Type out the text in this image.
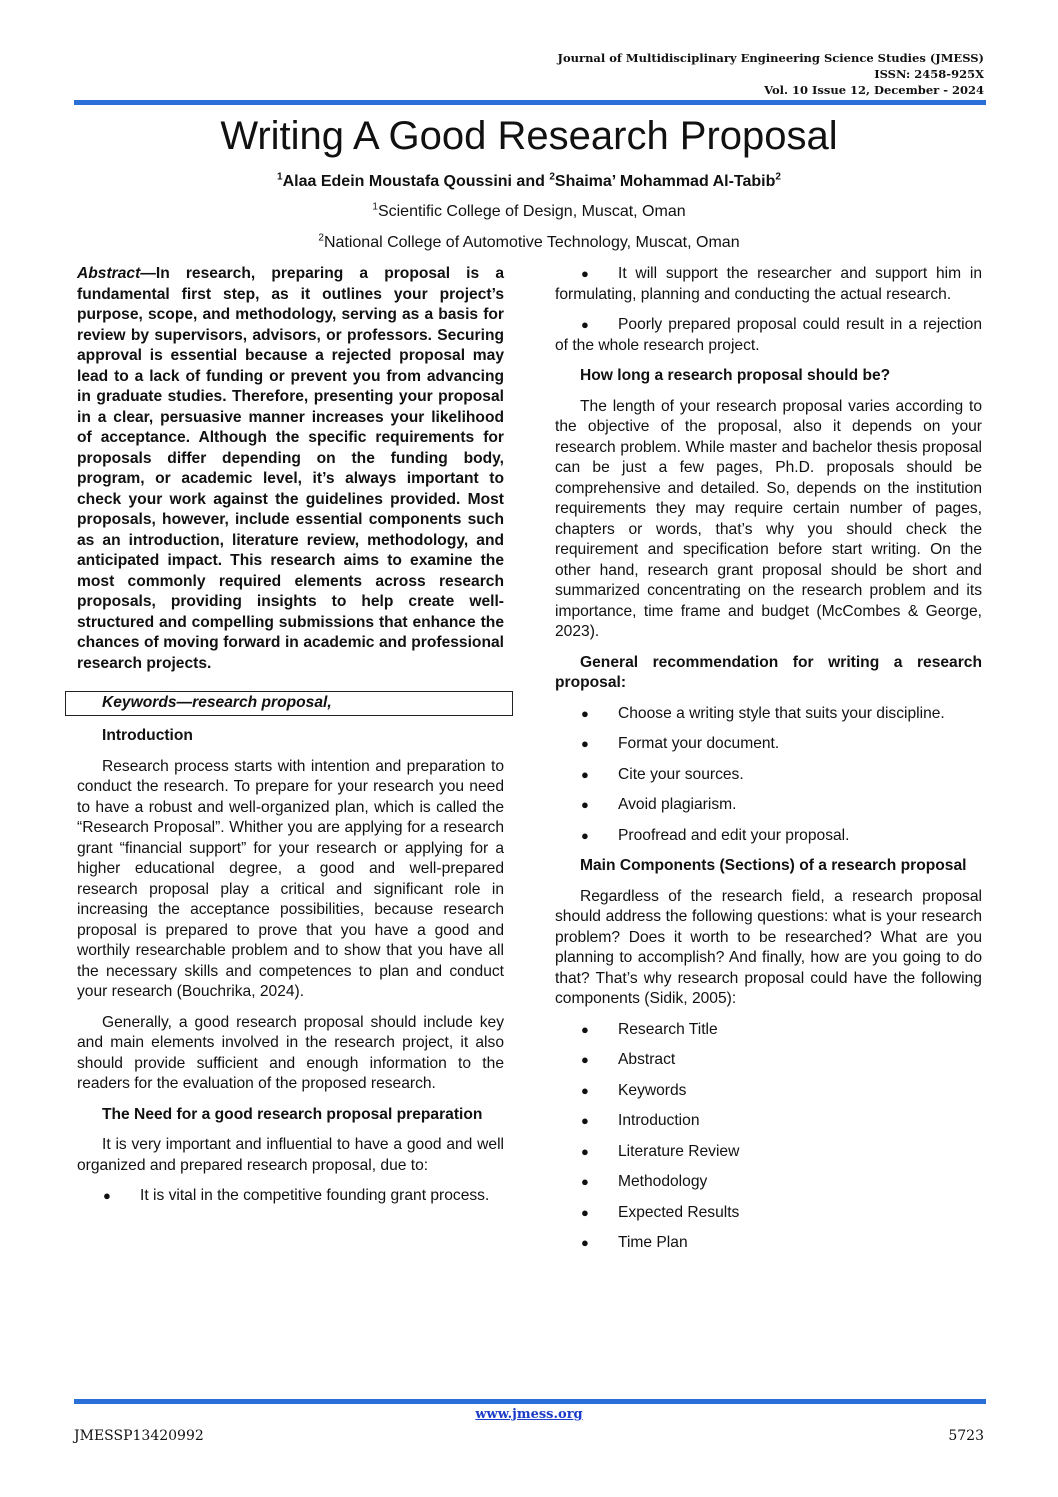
Journal of Multidisciplinary Engineering Science Studies (JMESS)
ISSN: 2458-925X
Vol. 10 Issue 12, December - 2024
Writing A Good Research Proposal
$^1$Alaa Edein Moustafa Qoussini and $^2$Shaima’ Mohammad Al-Tabib$^2$
$^1$Scientific College of Design, Muscat, Oman
$^2$National College of Automotive Technology, Muscat, Oman

Abstract—In research, preparing a proposal is a fundamental first step, as it outlines your project’s purpose, scope, and methodology, serving as a basis for review by supervisors, advisors, or professors. Securing approval is essential because a rejected proposal may lead to a lack of funding or prevent you from advancing in graduate studies. Therefore, presenting your proposal in a clear, persuasive manner increases your likelihood of acceptance. Although the specific requirements for proposals differ depending on the funding body, program, or academic level, it’s always important to check your work against the guidelines provided. Most proposals, however, include essential components such as an introduction, literature review, methodology, and anticipated impact. This research aims to examine the most commonly required elements across research proposals, providing insights to help create well-structured and compelling submissions that enhance the chances of moving forward in academic and professional research projects.

Keywords—research proposal,

Introduction

Research process starts with intention and preparation to conduct the research. To prepare for your research you need to have a robust and well-organized plan, which is called the “Research Proposal”. Whither you are applying for a research grant “financial support” for your research or applying for a higher educational degree, a good and well-prepared research proposal play a critical and significant role in increasing the acceptance possibilities, because research proposal is prepared to prove that you have a good and worthily researchable problem and to show that you have all the necessary skills and competences to plan and conduct your research (Bouchrika, 2024).

Generally, a good research proposal should include key and main elements involved in the research project, it also should provide sufficient and enough information to the readers for the evaluation of the proposed research.

The Need for a good research proposal preparation

It is very important and influential to have a good and well organized and prepared research proposal, due to:

● It is vital in the competitive founding grant process.
● It will support the researcher and support him in formulating, planning and conducting the actual research.
● Poorly prepared proposal could result in a rejection of the whole research project.

How long a research proposal should be?

The length of your research proposal varies according to the objective of the proposal, also it depends on your research problem. While master and bachelor thesis proposal can be just a few pages, Ph.D. proposals should be comprehensive and detailed. So, depends on the institution requirements they may require certain number of pages, chapters or words, that’s why you should check the requirement and specification before start writing. On the other hand, research grant proposal should be short and summarized concentrating on the research problem and its importance, time frame and budget (McCombes & George, 2023).

General recommendation for writing a research proposal:

● Choose a writing style that suits your discipline.
● Format your document.
● Cite your sources.
● Avoid plagiarism.
● Proofread and edit your proposal.

Main Components (Sections) of a research proposal

Regardless of the research field, a research proposal should address the following questions: what is your research problem? Does it worth to be researched? What are you planning to accomplish? And finally, how are you going to do that? That’s why research proposal could have the following components (Sidik, 2005):

● Research Title
● Abstract
● Keywords
● Introduction
● Literature Review
● Methodology
● Expected Results
● Time Plan
www.jmess.org
JMESSP13420992	5723
